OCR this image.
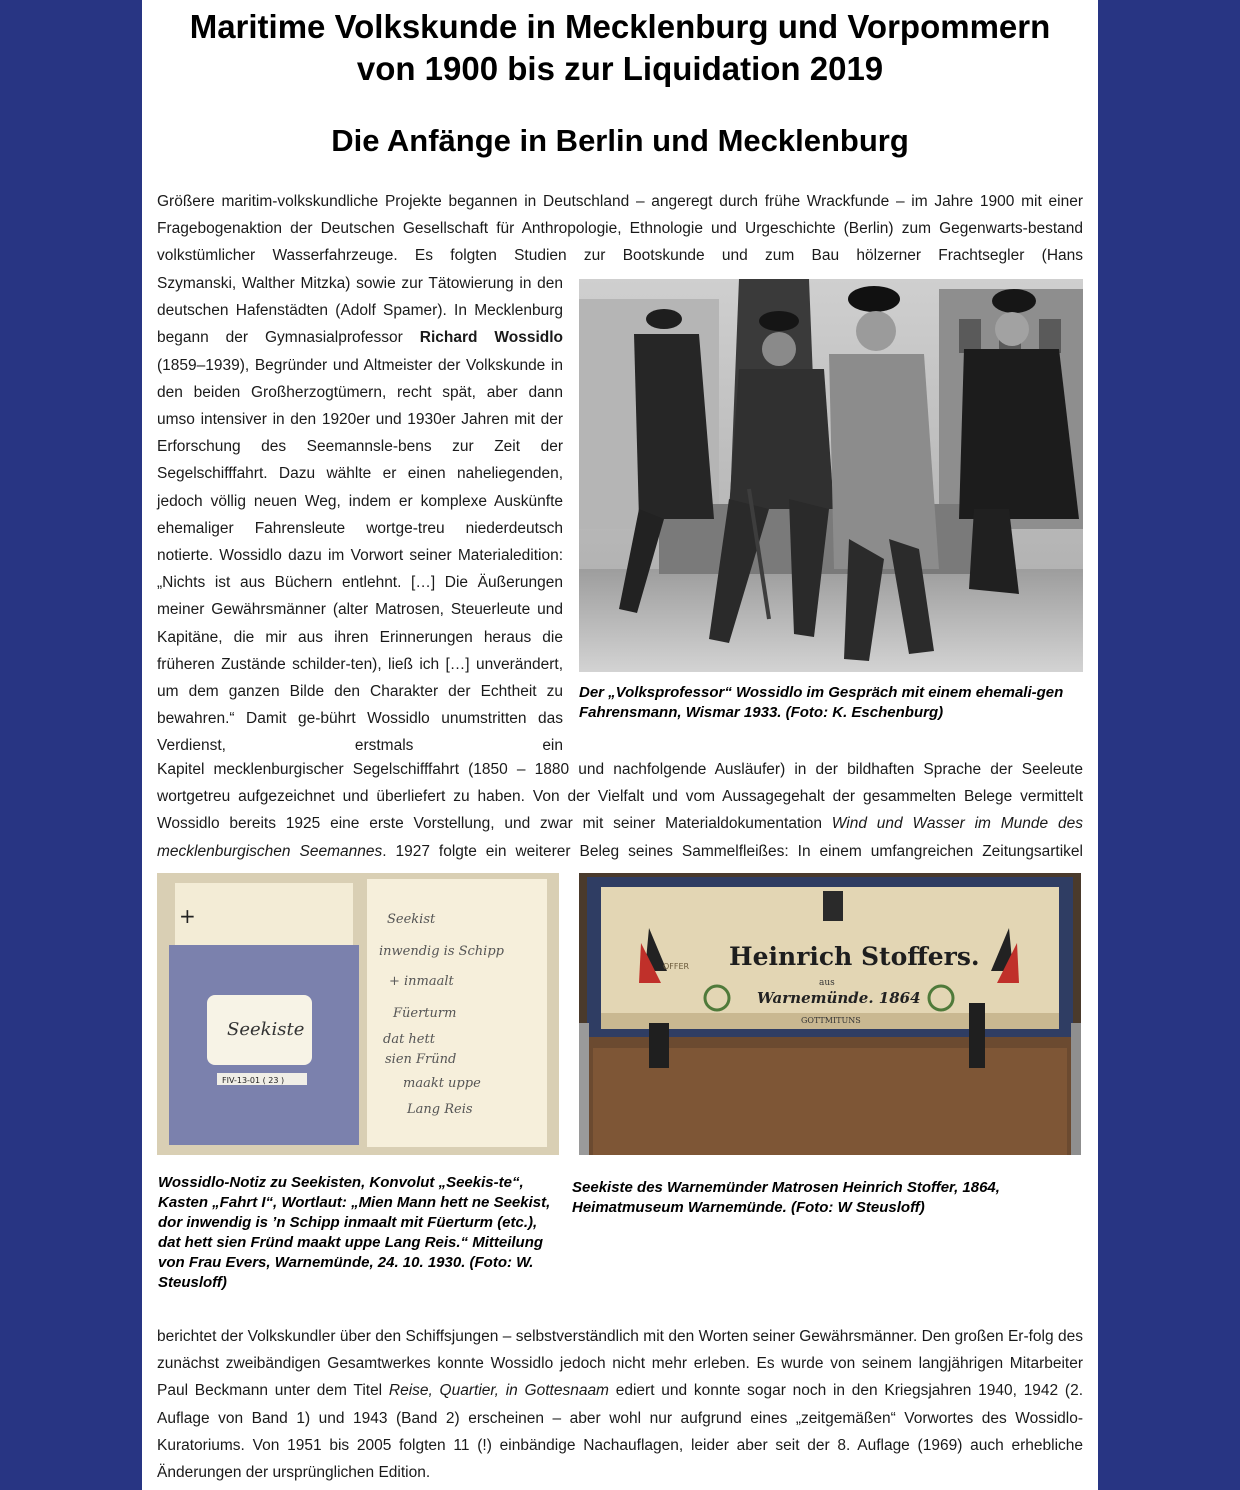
Maritime Volkskunde in Mecklenburg und Vorpommern
von 1900 bis zur Liquidation 2019
Die Anfänge in Berlin und Mecklenburg
Größere maritim-volkskundliche Projekte begannen in Deutschland – angeregt durch frühe Wrackfunde – im Jahre 1900 mit einer Fragebogenaktion der Deutschen Gesellschaft für Anthropologie, Ethnologie und Urgeschichte (Berlin) zum Gegenwarts-bestand volkstümlicher Wasserfahrzeuge. Es folgten Studien zur Bootskunde und zum Bau hölzerner Frachtsegler (Hans
Szymanski, Walther Mitzka) sowie zur Tätowierung in den deutschen Hafenstädten (Adolf Spamer). In Mecklenburg begann der Gymnasialprofessor Richard Wossidlo (1859–1939), Begründer und Altmeister der Volkskunde in den beiden Großherzogtümern, recht spät, aber dann umso intensiver in den 1920er und 1930er Jahren mit der Erforschung des Seemannsle-bens zur Zeit der Segelschifffahrt. Dazu wählte er einen naheliegenden, jedoch völlig neuen Weg, indem er komplexe Auskünfte ehemaliger Fahrensleute wortge-treu niederdeutsch notierte. Wossidlo dazu im Vorwort seiner Materialedition: „Nichts ist aus Büchern entlehnt. […] Die Äußerungen meiner Gewährsmänner (alter Matrosen, Steuerleute und Kapitäne, die mir aus ihren Erinnerungen heraus die früheren Zustände schilder-ten), ließ ich […] unverändert, um dem ganzen Bilde den Charakter der Echtheit zu bewahren.“ Damit ge-bührt Wossidlo unumstritten das Verdienst, erstmals ein
Der „Volksprofessor“ Wossidlo im Gespräch mit einem ehemali-gen Fahrensmann, Wismar 1933. (Foto: K. Eschenburg)
Kapitel mecklenburgischer Segelschifffahrt (1850 – 1880 und nachfolgende Ausläufer) in der bildhaften Sprache der Seeleute wortgetreu aufgezeichnet und überliefert zu haben. Von der Vielfalt und vom Aussagegehalt der gesammelten Belege vermittelt Wossidlo bereits 1925 eine erste Vorstellung, und zwar mit seiner Materialdokumentation Wind und Wasser im Munde des mecklenburgischen Seemannes. 1927 folgte ein weiterer Beleg seines Sammelfleißes: In einem umfangreichen Zeitungsartikel
Seekiste
FIV-13-01 ( 23 )
+	Seekist
inwendig is Schipp
+ inmaalt
Füerturm
dat hett
sien Fründ
maakt uppe
Lang Reis
OFFER Heinrich Stoffers.
aus
Warnemünde. 1864
GOTTMITUNS
Wossidlo-Notiz zu Seekisten, Konvolut „Seekis-te“, Kasten „Fahrt I“, Wortlaut: „Mien Mann hett ne Seekist, dor inwendig is ’n Schipp inmaalt mit Füerturm (etc.), dat hett sien Fründ maakt uppe Lang Reis.“ Mitteilung von Frau Evers, Warnemünde, 24. 10. 1930. (Foto: W. Steusloff)
Seekiste des Warnemünder Matrosen Heinrich Stoffer, 1864, Heimatmuseum Warnemünde. (Foto: W Steusloff)
berichtet der Volkskundler über den Schiffsjungen – selbstverständlich mit den Worten seiner Gewährsmänner. Den großen Er-folg des zunächst zweibändigen Gesamtwerkes konnte Wossidlo jedoch nicht mehr erleben. Es wurde von seinem langjährigen Mitarbeiter Paul Beckmann unter dem Titel Reise, Quartier, in Gottesnaam ediert und konnte sogar noch in den Kriegsjahren 1940, 1942 (2. Auflage von Band 1) und 1943 (Band 2) erscheinen – aber wohl nur aufgrund eines „zeitgemäßen“ Vorwortes des Wossidlo-Kuratoriums. Von 1951 bis 2005 folgten 11 (!) einbändige Nachauflagen, leider aber seit der 8. Auflage (1969) auch erhebliche Änderungen der ursprünglichen Edition.
